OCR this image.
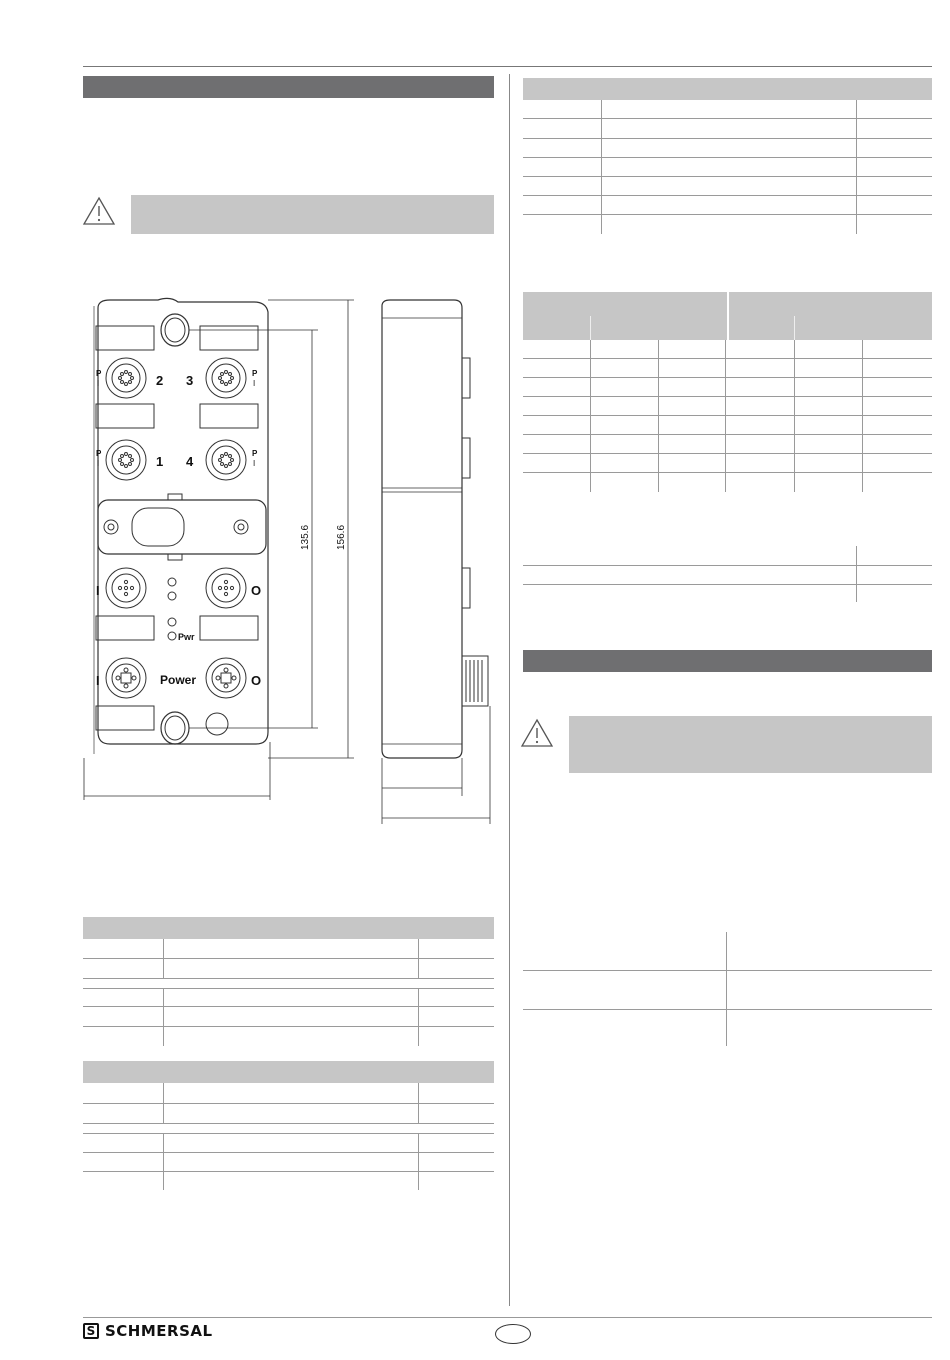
2 3
1 4
P
I
P
I
P
I
P
I
I	O
Pwr
I	O
Power
135.6	156.6
S SCHMERSAL
